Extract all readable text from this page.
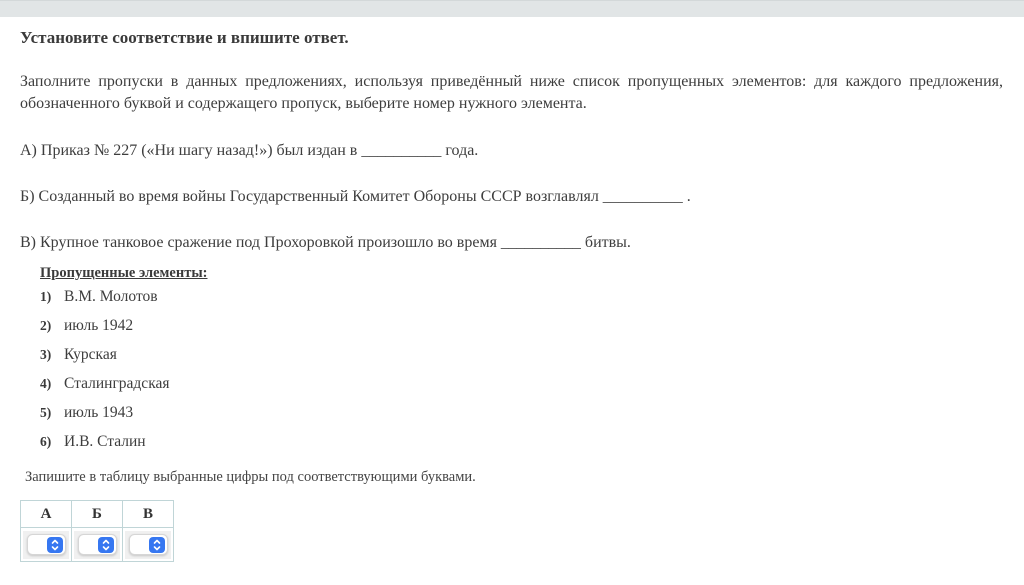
Установите соответствие и впишите ответ.

Заполните пропуски в данных предложениях, используя приведённый ниже список пропущенных элементов: для каждого предложения, обозначенного буквой и содержащего пропуск, выберите номер нужного элемента.

А) Приказ № 227 («Ни шагу назад!») был издан в __________ года.

Б) Созданный во время войны Государственный Комитет Обороны СССР возглавлял __________ .

В) Крупное танковое сражение под Прохоровкой произошло во время __________ битвы.

Пропущенные элементы:
1) В.М. Молотов
2) июль 1942
3) Курская
4) Сталинградская
5) июль 1943
6) И.В. Сталин

Запишите в таблицу выбранные цифры под соответствующими буквами.

А	Б	В
